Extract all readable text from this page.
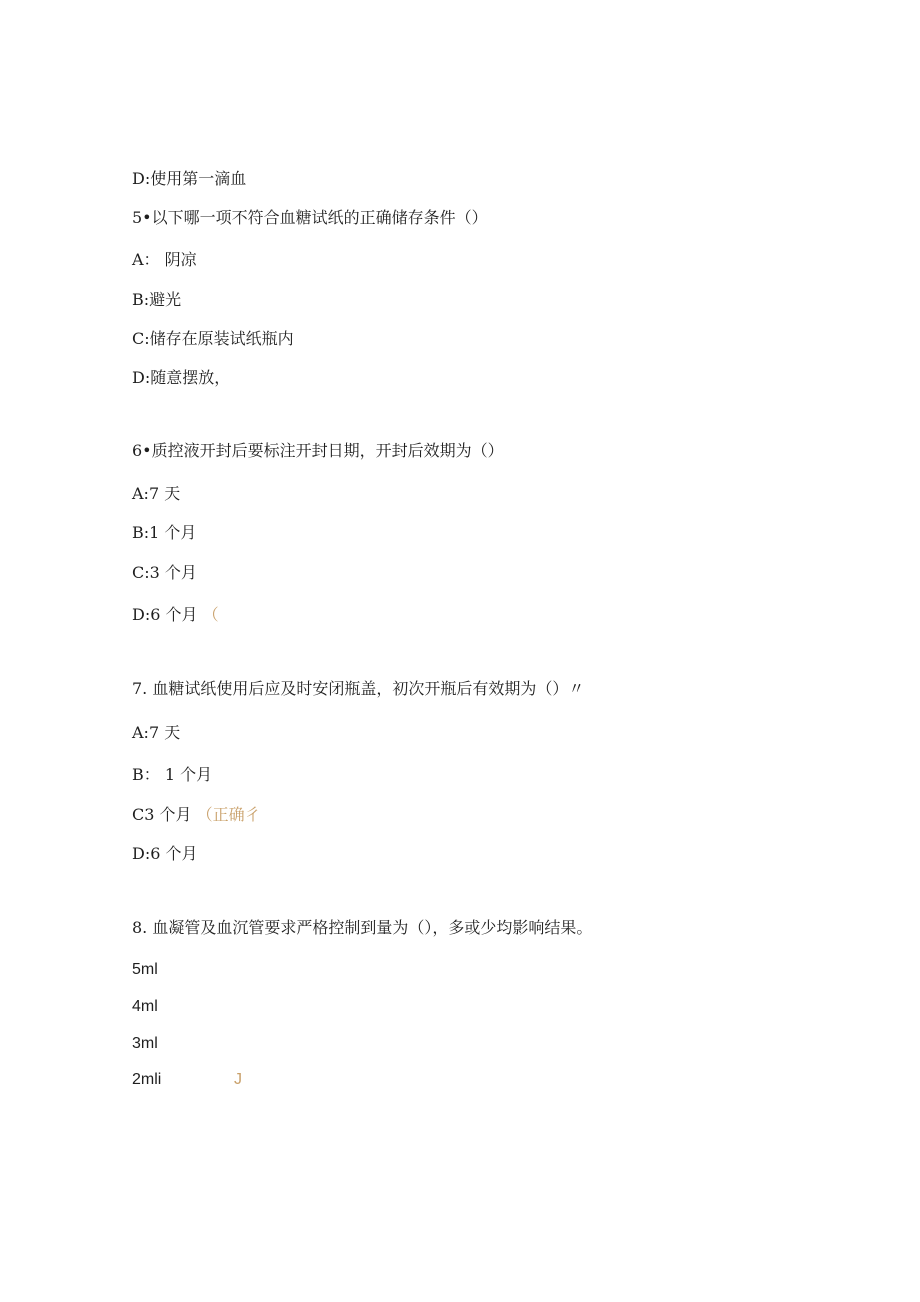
D:使用第一滴血
5•以下哪一项不符合血糖试纸的正确储存条件（）
A： 阴凉
B:避光
C:储存在原装试纸瓶内
D:随意摆放，
6•质控液开封后要标注开封日期，开封后效期为（）
A:7 天
B:1 个月
C:3 个月
D:6 个月 （
7. 血糖试纸使用后应及时安闭瓶盖，初次开瓶后有效期为（）〃
A:7 天
B： 1 个月
C3 个月 （正确彳
D:6 个月
8. 血凝管及血沉管要求严格控制到量为（），多或少均影响结果。
5ml
4ml
3ml
2mli	J
